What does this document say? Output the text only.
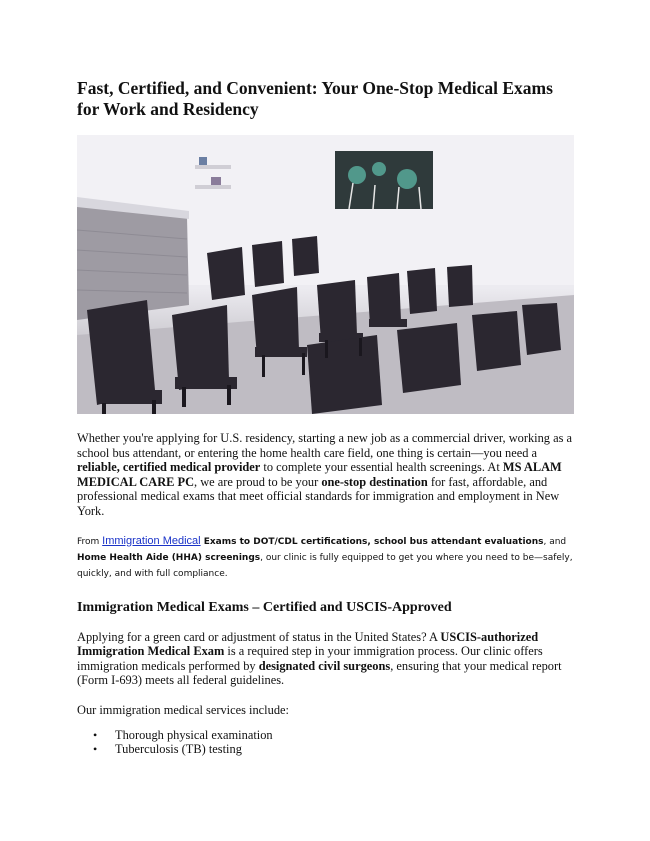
Fast, Certified, and Convenient: Your One-Stop Medical Exams for Work and Residency

Whether you're applying for U.S. residency, starting a new job as a commercial driver, working as a school bus attendant, or entering the home health care field, one thing is certain—you need a reliable, certified medical provider to complete your essential health screenings. At MS ALAM MEDICAL CARE PC, we are proud to be your one-stop destination for fast, affordable, and professional medical exams that meet official standards for immigration and employment in New York.

From Immigration Medical Exams to DOT/CDL certifications, school bus attendant evaluations, and Home Health Aide (HHA) screenings, our clinic is fully equipped to get you where you need to be—safely, quickly, and with full compliance.

Immigration Medical Exams – Certified and USCIS-Approved

Applying for a green card or adjustment of status in the United States? A USCIS-authorized Immigration Medical Exam is a required step in your immigration process. Our clinic offers immigration medicals performed by designated civil surgeons, ensuring that your medical report (Form I-693) meets all federal guidelines.

Our immigration medical services include:

• Thorough physical examination
• Tuberculosis (TB) testing
